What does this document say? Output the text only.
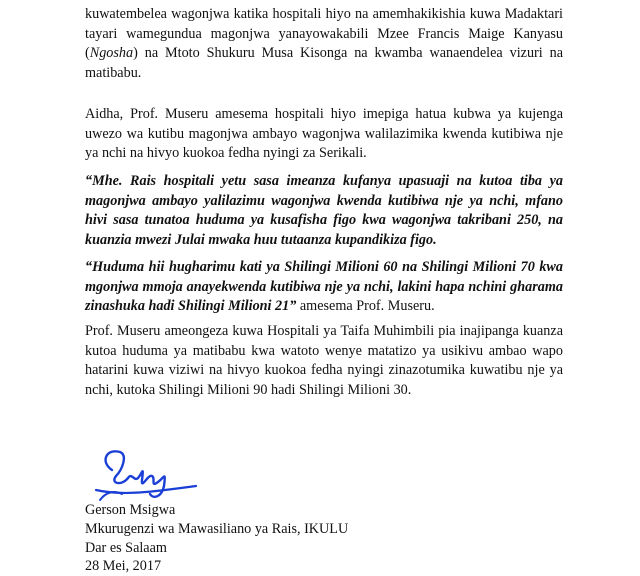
kuwatembelea wagonjwa katika hospitali hiyo na amemhakikishia kuwa Madaktari tayari wamegundua magonjwa yanayowakabili Mzee Francis Maige Kanyasu (Ngosha) na Mtoto Shukuru Musa Kisonga na kwamba wanaendelea vizuri na matibabu.

Aidha, Prof. Museru amesema hospitali hiyo imepiga hatua kubwa ya kujenga uwezo wa kutibu magonjwa ambayo wagonjwa walilazimika kwenda kutibiwa nje ya nchi na hivyo kuokoa fedha nyingi za Serikali.

“Mhe. Rais hospitali yetu sasa imeanza kufanya upasuaji na kutoa tiba ya magonjwa ambayo yalilazimu wagonjwa kwenda kutibiwa nje ya nchi, mfano hivi sasa tunatoa huduma ya kusafisha figo kwa wagonjwa takribani 250, na kuanzia mwezi Julai mwaka huu tutaanza kupandikiza figo.

“Huduma hii hugharimu kati ya Shilingi Milioni 60 na Shilingi Milioni 70 kwa mgonjwa mmoja anayekwenda kutibiwa nje ya nchi, lakini hapa nchini gharama zinashuka hadi Shilingi Milioni 21” amesema Prof. Museru.

Prof. Museru ameongeza kuwa Hospitali ya Taifa Muhimbili pia inajipanga kuanza kutoa huduma ya matibabu kwa watoto wenye matatizo ya usikivu ambao wapo hatarini kuwa viziwi na hivyo kuokoa fedha nyingi zinazotumika kuwatibu nje ya nchi, kutoka Shilingi Milioni 90 hadi Shilingi Milioni 30.

Gerson Msigwa
Mkurugenzi wa Mawasiliano ya Rais, IKULU
Dar es Salaam
28 Mei, 2017
